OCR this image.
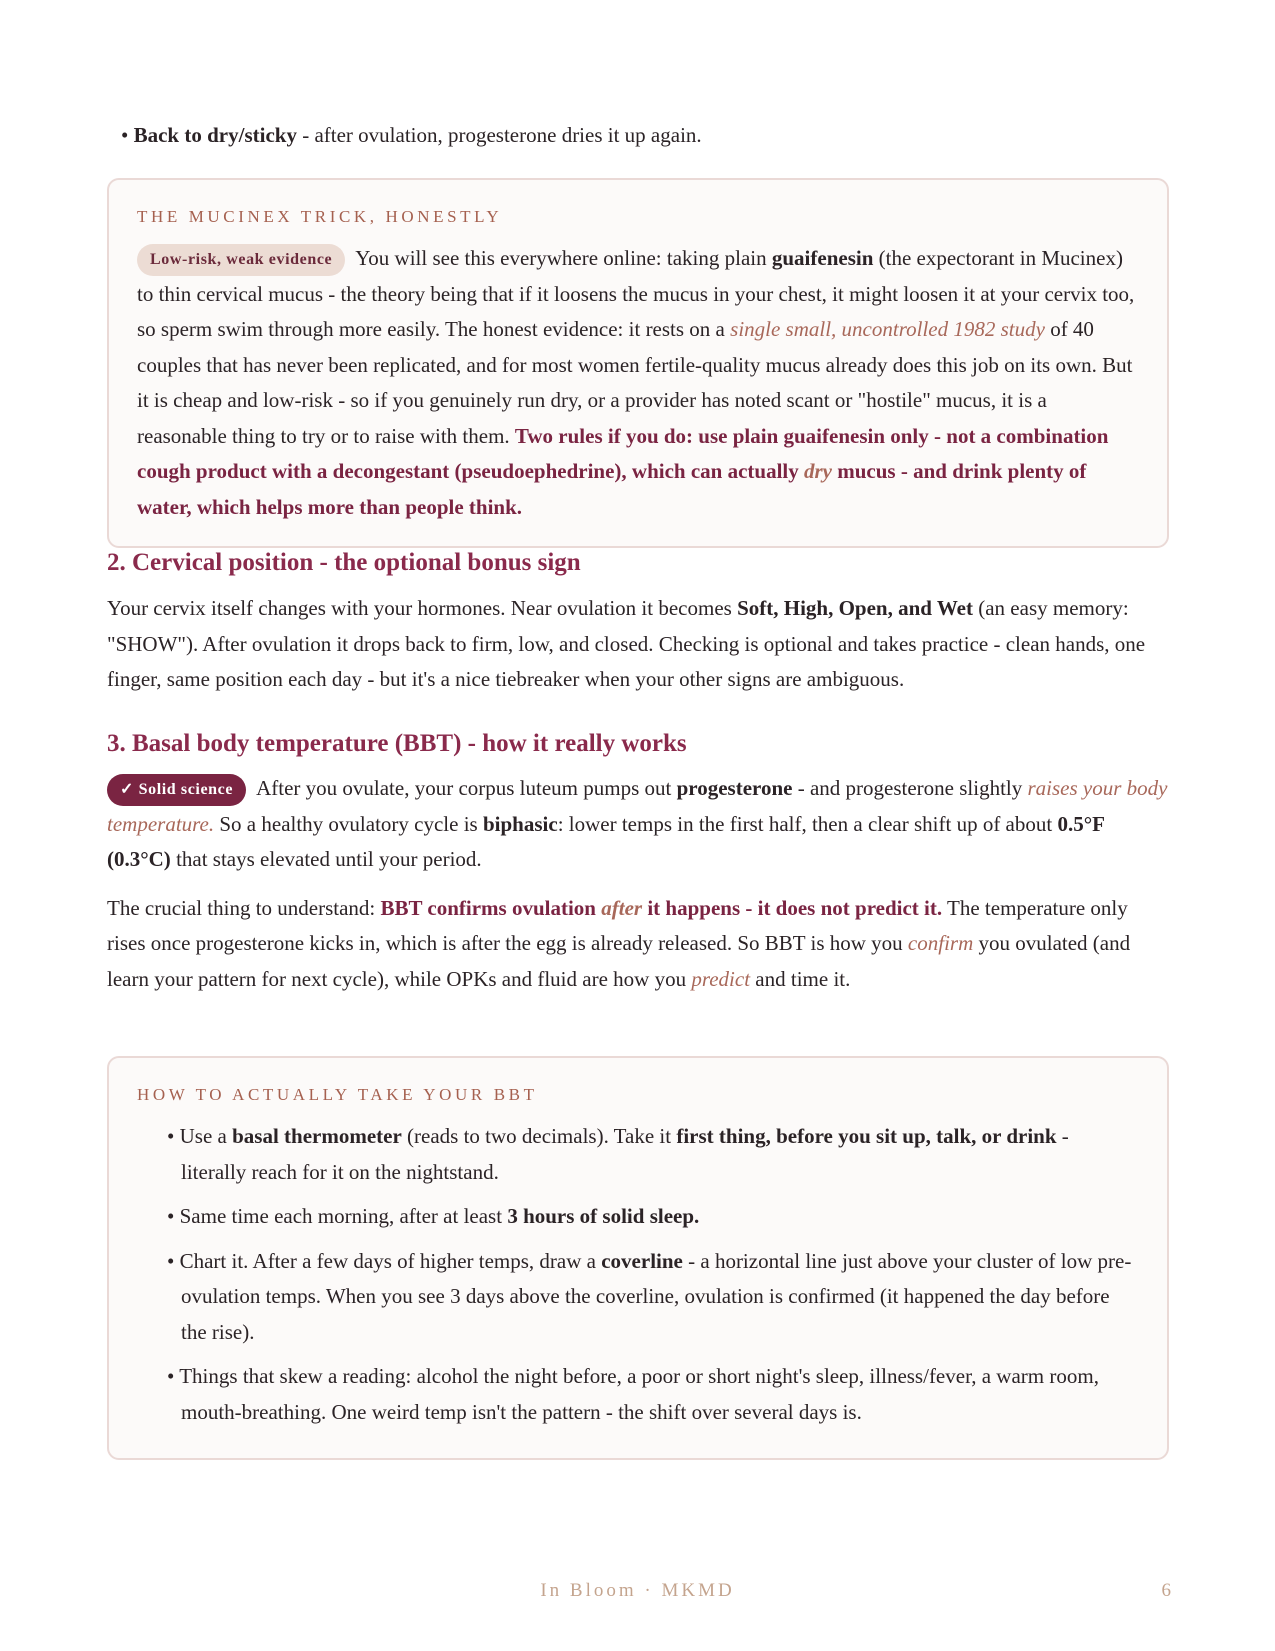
• Back to dry/sticky - after ovulation, progesterone dries it up again.

THE MUCINEX TRICK, HONESTLY

Low-risk, weak evidence You will see this everywhere online: taking plain guaifenesin (the expectorant in Mucinex) to thin cervical mucus - the theory being that if it loosens the mucus in your chest, it might loosen it at your cervix too, so sperm swim through more easily. The honest evidence: it rests on a single small, uncontrolled 1982 study of 40 couples that has never been replicated, and for most women fertile-quality mucus already does this job on its own. But it is cheap and low-risk - so if you genuinely run dry, or a provider has noted scant or "hostile" mucus, it is a reasonable thing to try or to raise with them. Two rules if you do: use plain guaifenesin only - not a combination cough product with a decongestant (pseudoephedrine), which can actually dry mucus - and drink plenty of water, which helps more than people think.

2. Cervical position - the optional bonus sign

Your cervix itself changes with your hormones. Near ovulation it becomes Soft, High, Open, and Wet (an easy memory: "SHOW"). After ovulation it drops back to firm, low, and closed. Checking is optional and takes practice - clean hands, one finger, same position each day - but it's a nice tiebreaker when your other signs are ambiguous.

3. Basal body temperature (BBT) - how it really works

✓ Solid science After you ovulate, your corpus luteum pumps out progesterone - and progesterone slightly raises your body temperature. So a healthy ovulatory cycle is biphasic: lower temps in the first half, then a clear shift up of about 0.5°F (0.3°C) that stays elevated until your period.

The crucial thing to understand: BBT confirms ovulation after it happens - it does not predict it. The temperature only rises once progesterone kicks in, which is after the egg is already released. So BBT is how you confirm you ovulated (and learn your pattern for next cycle), while OPKs and fluid are how you predict and time it.

HOW TO ACTUALLY TAKE YOUR BBT
• Use a basal thermometer (reads to two decimals). Take it first thing, before you sit up, talk, or drink - literally reach for it on the nightstand.
• Same time each morning, after at least 3 hours of solid sleep.
• Chart it. After a few days of higher temps, draw a coverline - a horizontal line just above your cluster of low pre-ovulation temps. When you see 3 days above the coverline, ovulation is confirmed (it happened the day before the rise).
• Things that skew a reading: alcohol the night before, a poor or short night's sleep, illness/fever, a warm room, mouth-breathing. One weird temp isn't the pattern - the shift over several days is.
In Bloom · MKMD	6
